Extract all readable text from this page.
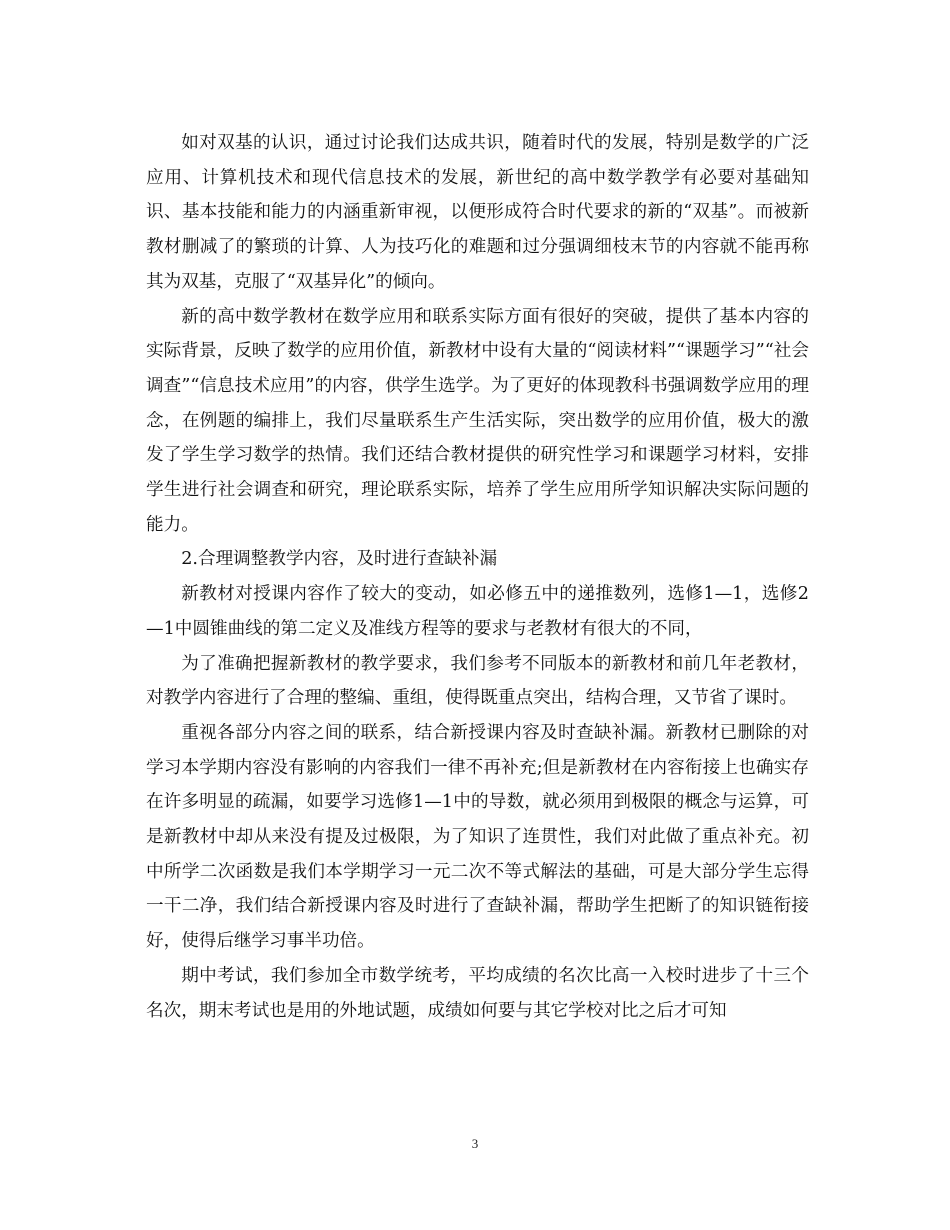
如对双基的认识，通过讨论我们达成共识，随着时代的发展，特别是数学的广泛应用、计算机技术和现代信息技术的发展，新世纪的高中数学教学有必要对基础知识、基本技能和能力的内涵重新审视，以便形成符合时代要求的新的“双基”。而被新教材删减了的繁琐的计算、人为技巧化的难题和过分强调细枝末节的内容就不能再称其为双基，克服了“双基异化”的倾向。

新的高中数学教材在数学应用和联系实际方面有很好的突破，提供了基本内容的实际背景，反映了数学的应用价值，新教材中设有大量的“阅读材料”“课题学习”“社会调查”“信息技术应用”的内容，供学生选学。为了更好的体现教科书强调数学应用的理念，在例题的编排上，我们尽量联系生产生活实际，突出数学的应用价值，极大的激发了学生学习数学的热情。我们还结合教材提供的研究性学习和课题学习材料，安排学生进行社会调查和研究，理论联系实际，培养了学生应用所学知识解决实际问题的能力。

2.合理调整教学内容，及时进行查缺补漏

新教材对授课内容作了较大的变动，如必修五中的递推数列，选修1—1，选修2—1中圆锥曲线的第二定义及准线方程等的要求与老教材有很大的不同，

为了准确把握新教材的教学要求，我们参考不同版本的新教材和前几年老教材，对教学内容进行了合理的整编、重组，使得既重点突出，结构合理，又节省了课时。

重视各部分内容之间的联系，结合新授课内容及时查缺补漏。新教材已删除的对学习本学期内容没有影响的内容我们一律不再补充;但是新教材在内容衔接上也确实存在许多明显的疏漏，如要学习选修1—1中的导数，就必须用到极限的概念与运算，可是新教材中却从来没有提及过极限，为了知识了连贯性，我们对此做了重点补充。初中所学二次函数是我们本学期学习一元二次不等式解法的基础，可是大部分学生忘得一干二净，我们结合新授课内容及时进行了查缺补漏，帮助学生把断了的知识链衔接好，使得后继学习事半功倍。

期中考试，我们参加全市数学统考，平均成绩的名次比高一入校时进步了十三个名次，期末考试也是用的外地试题，成绩如何要与其它学校对比之后才可知

3
